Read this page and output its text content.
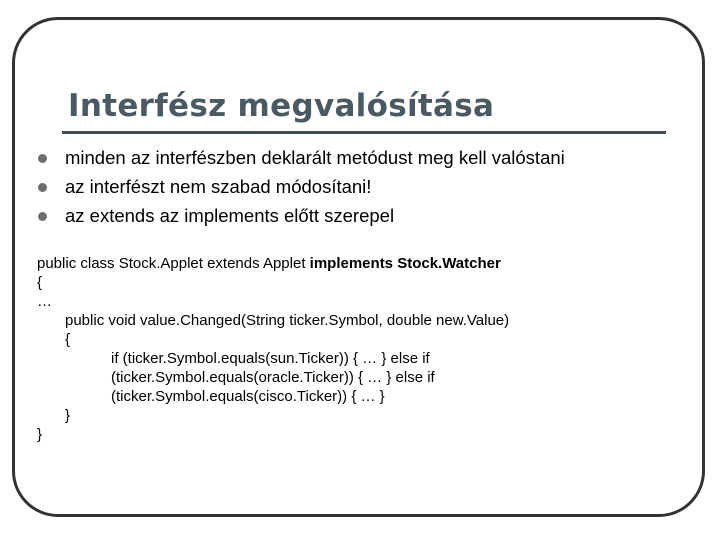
Interfész megvalósítása
minden az interfészben deklarált metódust meg kell valóstani
az interfészt nem szabad módosítani!
az extends az implements előtt szerepel
public class Stock.Applet extends Applet implements Stock.Watcher
{
…
public void value.Changed(String ticker.Symbol, double new.Value)
{
if (ticker.Symbol.equals(sun.Ticker)) { … } else if
(ticker.Symbol.equals(oracle.Ticker)) { … } else if
(ticker.Symbol.equals(cisco.Ticker)) { … }
}
}
